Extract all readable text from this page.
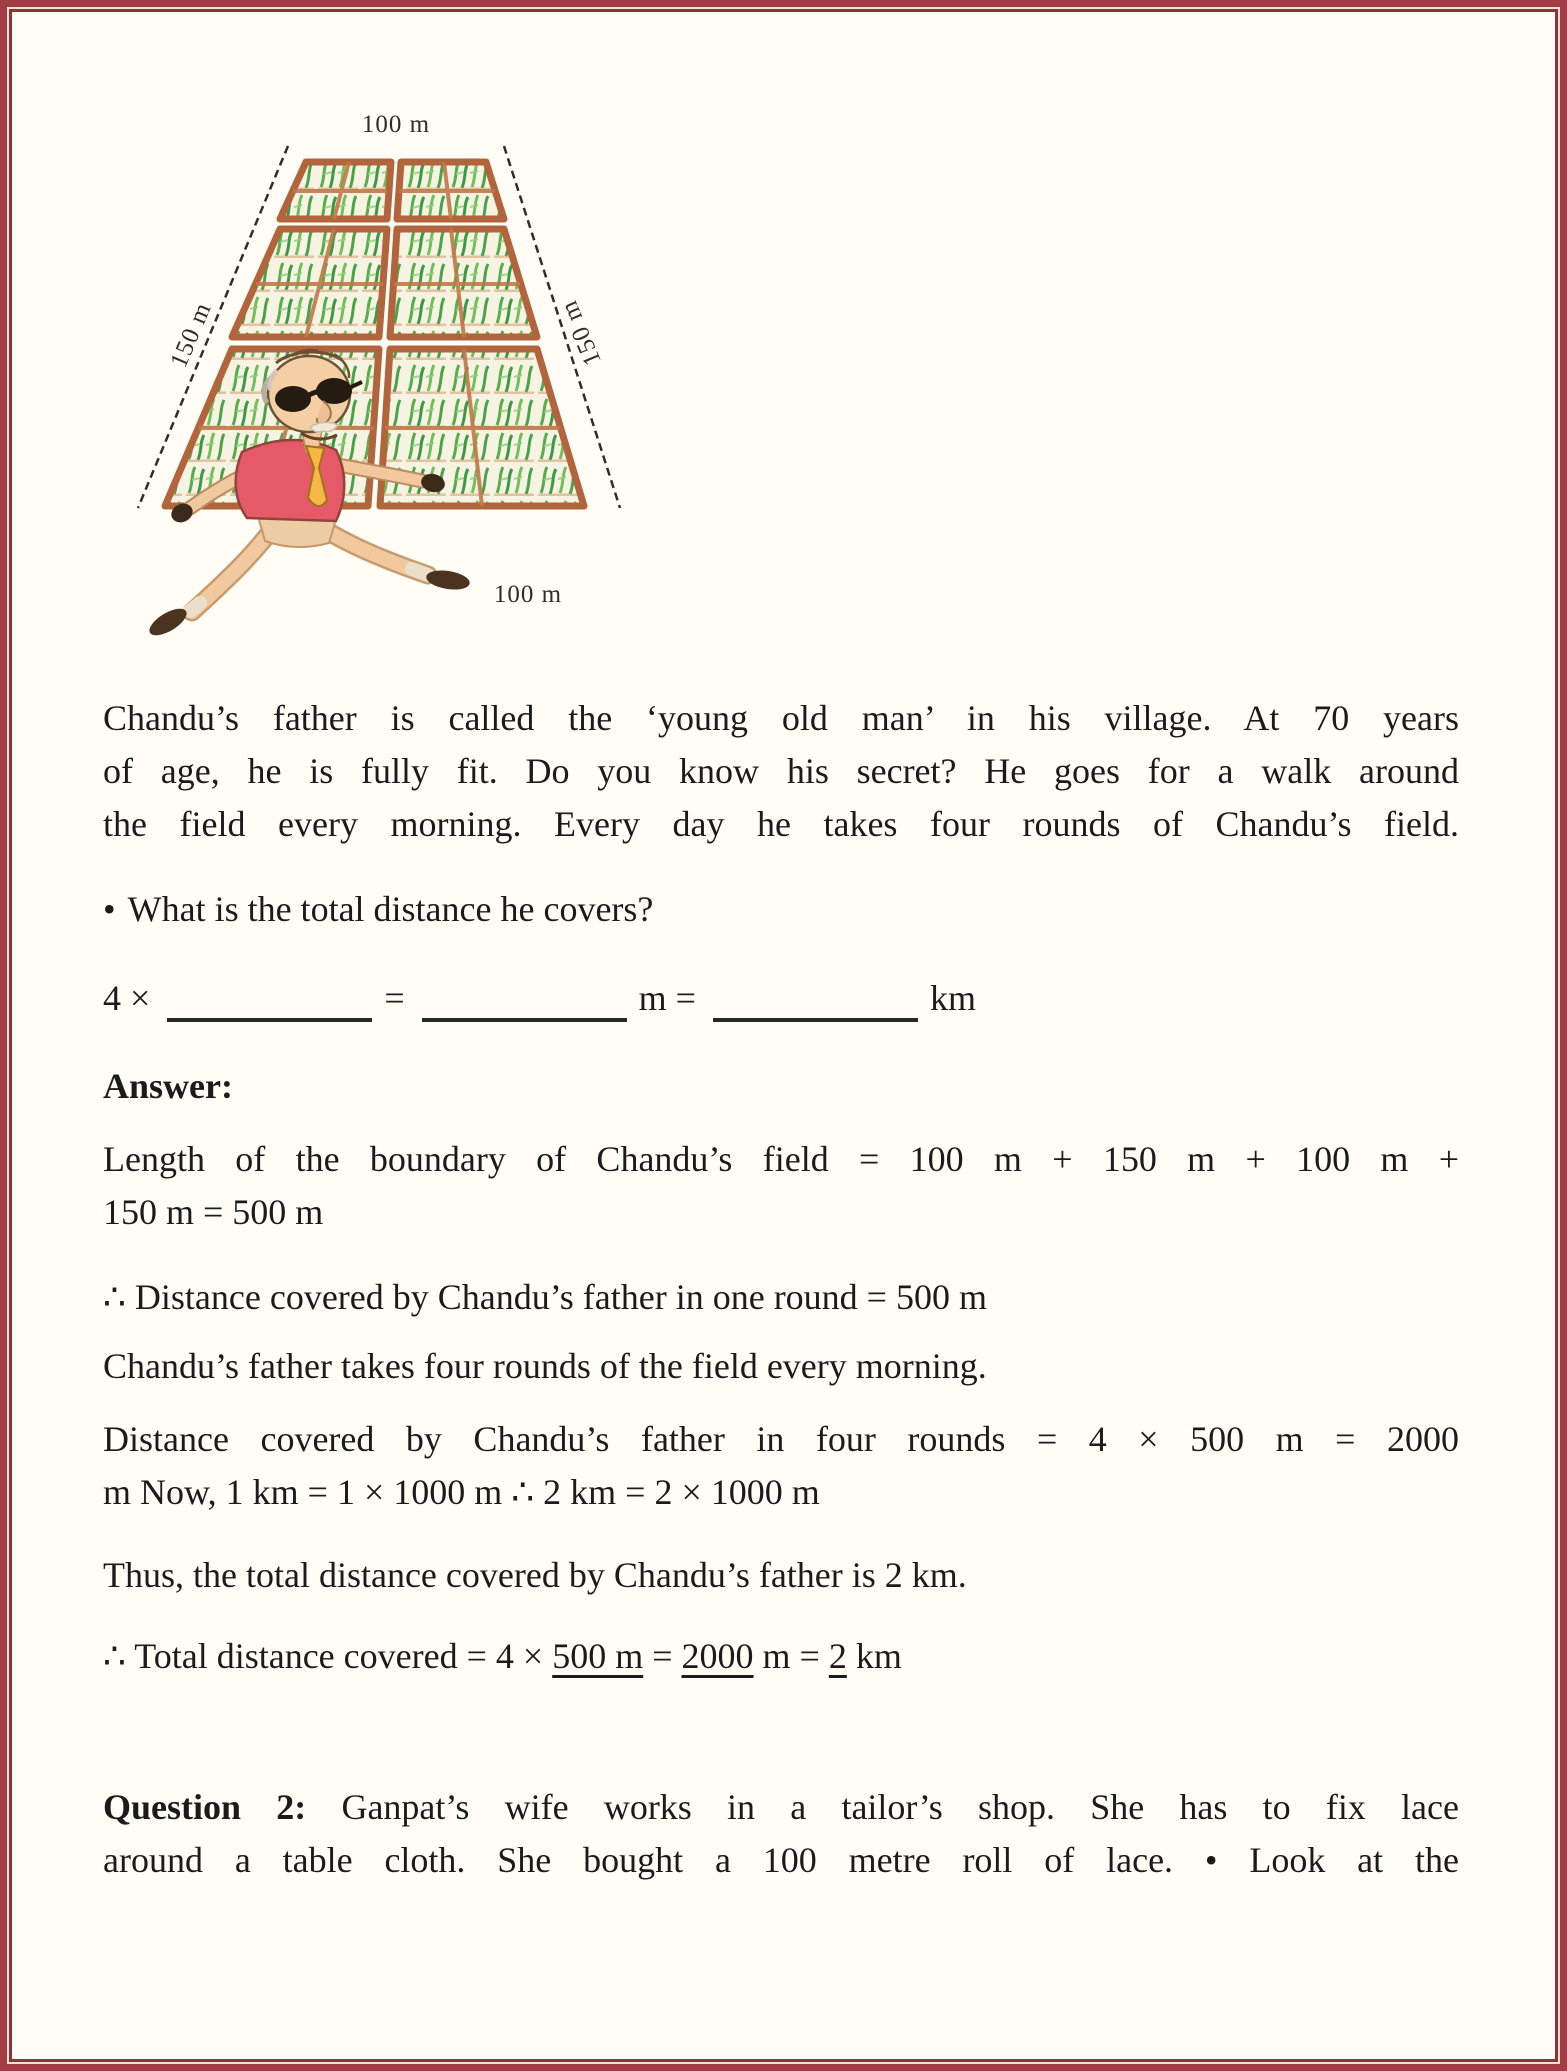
100 m
100 m
150 m	150 m
Chandu’s father is called the ‘young old man’ in his village. At 70 years
of age, he is fully fit. Do you know his secret? He goes for a walk around
the field every morning. Every day he takes four rounds of Chandu’s field.
• What is the total distance he covers?
4 ×	=	m =	km
Answer:
Length of the boundary of Chandu’s field = 100 m + 150 m + 100 m +
150 m = 500 m
∴ Distance covered by Chandu’s father in one round = 500 m
Chandu’s father takes four rounds of the field every morning.
Distance covered by Chandu’s father in four rounds = 4 × 500 m = 2000
m Now, 1 km = 1 × 1000 m ∴ 2 km = 2 × 1000 m
Thus, the total distance covered by Chandu’s father is 2 km.
∴ Total distance covered = 4 × 500 m = 2000 m = 2 km
Question 2: Ganpat’s wife works in a tailor’s shop. She has to fix lace
around a table cloth. She bought a 100 metre roll of lace. • Look at the
